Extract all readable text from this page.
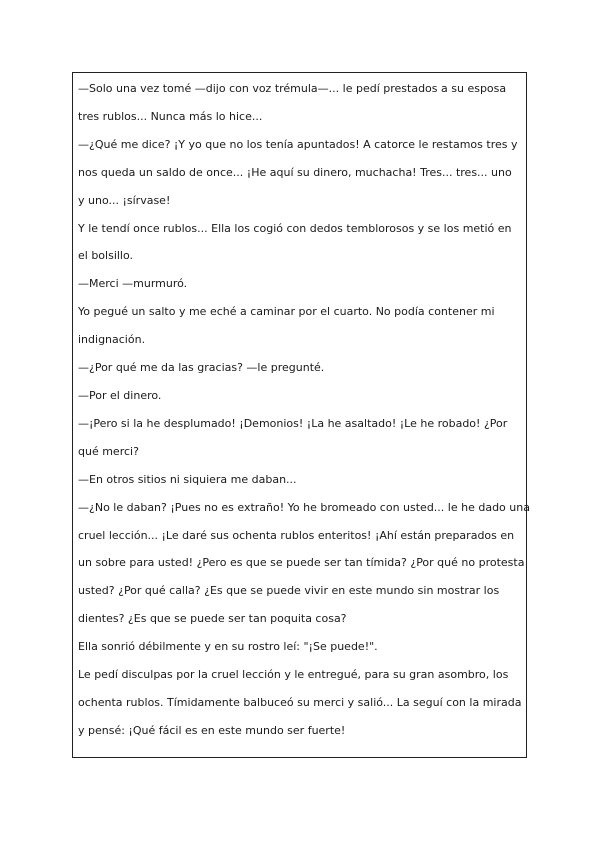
—Solo una vez tomé —dijo con voz trémula—... le pedí prestados a su esposa
tres rublos... Nunca más lo hice...
—¿Qué me dice? ¡Y yo que no los tenía apuntados! A catorce le restamos tres y
nos queda un saldo de once... ¡He aquí su dinero, muchacha! Tres... tres... uno
y uno... ¡sírvase!
Y le tendí once rublos... Ella los cogió con dedos temblorosos y se los metió en
el bolsillo.
—Merci —murmuró.
Yo pegué un salto y me eché a caminar por el cuarto. No podía contener mi
indignación.
—¿Por qué me da las gracias? —le pregunté.
—Por el dinero.
—¡Pero si la he desplumado! ¡Demonios! ¡La he asaltado! ¡Le he robado! ¿Por
qué merci?
—En otros sitios ni siquiera me daban...
—¿No le daban? ¡Pues no es extraño! Yo he bromeado con usted... le he dado una
cruel lección... ¡Le daré sus ochenta rublos enteritos! ¡Ahí están preparados en
un sobre para usted! ¿Pero es que se puede ser tan tímida? ¿Por qué no protesta
usted? ¿Por qué calla? ¿Es que se puede vivir en este mundo sin mostrar los
dientes? ¿Es que se puede ser tan poquita cosa?
Ella sonrió débilmente y en su rostro leí: "¡Se puede!".
Le pedí disculpas por la cruel lección y le entregué, para su gran asombro, los
ochenta rublos. Tímidamente balbuceó su merci y salió... La seguí con la mirada
y pensé: ¡Qué fácil es en este mundo ser fuerte!
